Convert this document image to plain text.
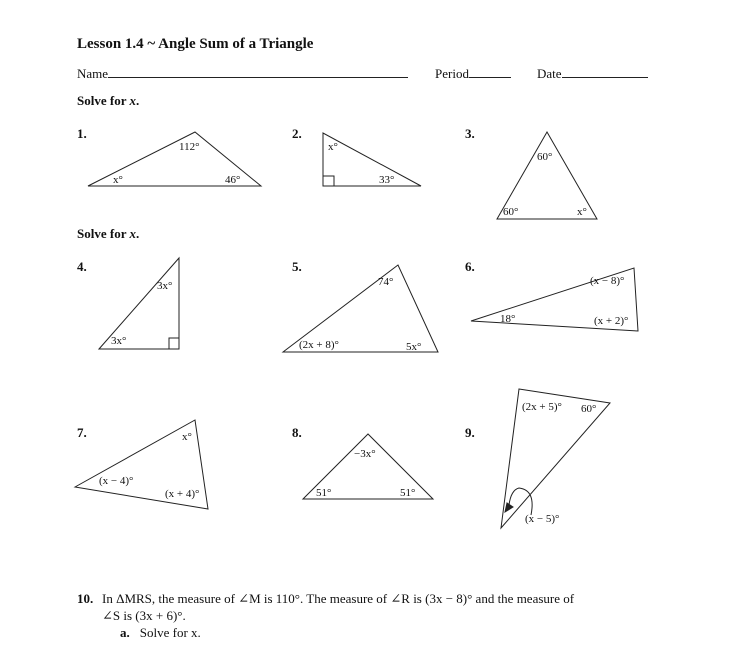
Lesson 1.4 ~ Angle Sum of a Triangle
Name	Period	Date
Solve for x.
Solve for x.
1.	2.	3.
4.	5.	6.
7.	8.	9.
112°
x°	46°
x°
33°
60°
60°	x°
3x°
3x°
74°
(2x + 8)°	5x°
(x − 8)°
18°	(x + 2)°
x°
(x − 4)°
(x + 4)°
−3x°
51°	51°
(2x + 5)° 60°
(x − 5)°
10. In ΔMRS, the measure of ∠M is 110°. The measure of ∠R is (3x − 8)° and the measure of
∠S is (3x + 6)°.
a. Solve for x.
